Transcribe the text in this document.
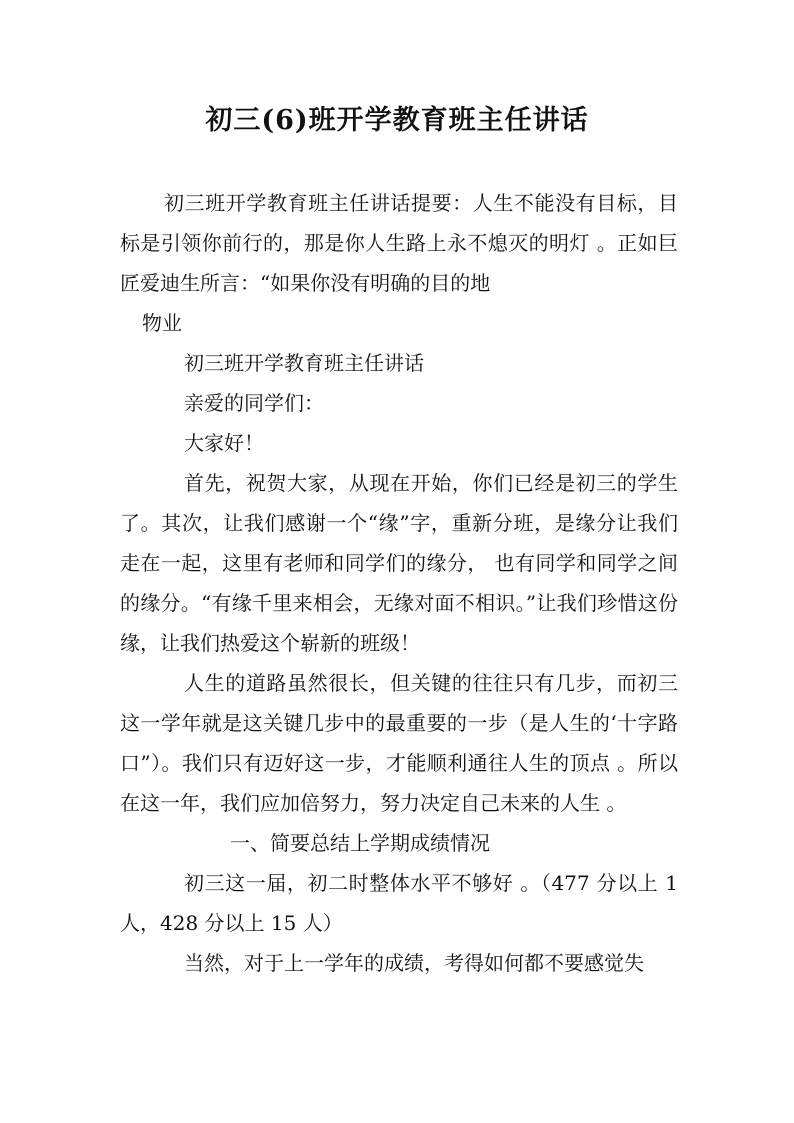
初三(6)班开学教育班主任讲话

初三班开学教育班主任讲话提要：人生不能没有目标，目标是引领你前行的，那是你人生路上永不熄灭的明灯 。正如巨匠爱迪生所言：“如果你没有明确的目的地

物业

初三班开学教育班主任讲话

亲爱的同学们：

大家好！

首先，祝贺大家，从现在开始，你们已经是初三的学生了。其次，让我们感谢一个“缘”字，重新分班，是缘分让我们走在一起，这里有老师和同学们的缘分， 也有同学和同学之间的缘分。“有缘千里来相会，无缘对面不相识。”让我们珍惜这份缘，让我们热爱这个崭新的班级！

人生的道路虽然很长，但关键的往往只有几步，而初三这一学年就是这关键几步中的最重要的一步（是人生的‘十字路口”）。我们只有迈好这一步，才能顺利通往人生的顶点 。所以在这一年，我们应加倍努力，努力决定自己未来的人生 。

一、简要总结上学期成绩情况

初三这一届，初二时整体水平不够好 。（477 分以上 1 人，428 分以上 15 人）

当然，对于上一学年的成绩，考得如何都不要感觉失
